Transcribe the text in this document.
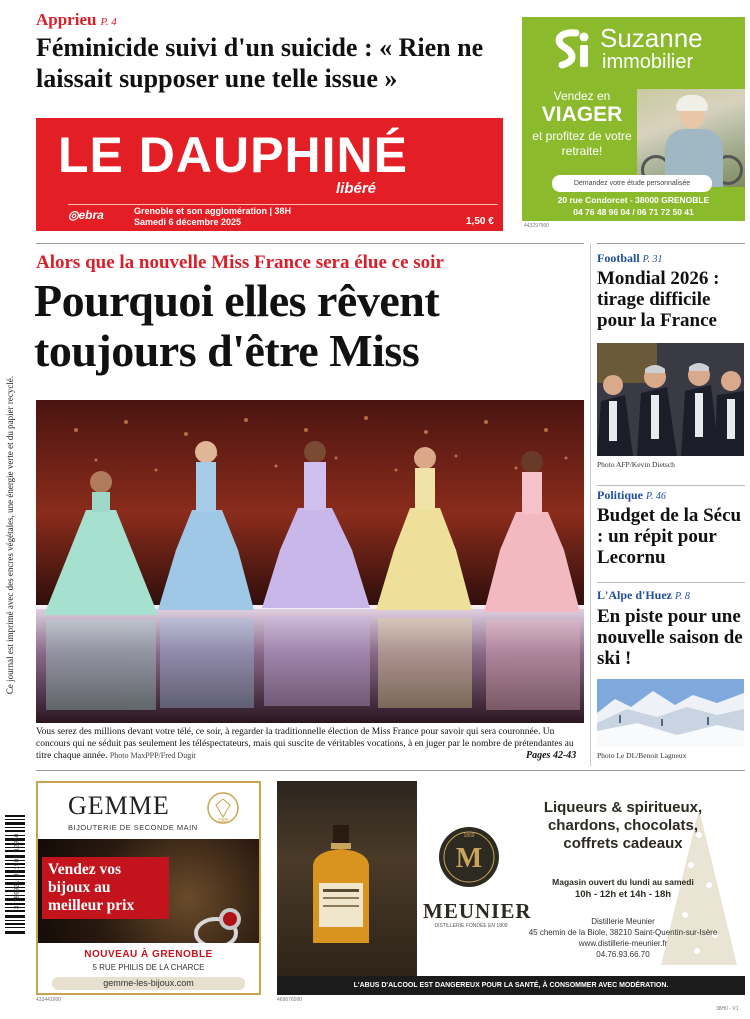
Apprieu P. 4
Féminicide suivi d'un suicide : « Rien ne laissait supposer une telle issue »
LE DAUPHINÉ
libéré
◎ebra	Grenoble et son agglomération | 38H
Samedi 6 décembre 2025	1,50 €
Suzanne
immobilier
Vendez en
VIAGER
et profitez de votre retraite!
Demandez votre étude personnalisée
20 rue Condorcet - 38000 GRENOBLE
04 76 48 96 04 / 06 71 72 50 41
443297900
Alors que la nouvelle Miss France sera élue ce soir
Pourquoi elles rêvent toujours d'être Miss
Vous serez des millions devant votre télé, ce soir, à regarder la traditionnelle élection de Miss France pour savoir qui sera couronnée. Un concours qui ne séduit pas seulement les téléspectateurs, mais qui suscite de véritables vocations, à en juger par le nombre de prétendantes au titre chaque année. Photo MaxPPP/Fred Dugit	Pages 42-43
Football P. 31
Mondial 2026 : tirage difficile pour la France
Photo AFP/Kevin Dietsch
Politique P. 46
Budget de la Sécu : un répit pour Lecornu
L'Alpe d'Huez P. 8
En piste pour une nouvelle saison de ski !
Photo Le DL/Benoit Lagneux
Ce journal est imprimé avec des encres végétales, une énergie verte et du papier recyclé.
3 780021 801502 12060
GEMME
BIJOUTERIE DE SECONDE MAIN
1985
Vendez vos bijoux au meilleur prix
NOUVEAU À GRENOBLE
5 RUE PHILIS DE LA CHARCE
gemme-les-bijoux.com
433441900
M
1809
MEUNIER
DISTILLERIE FONDÉE EN 1809
Liqueurs & spiritueux, chardons, chocolats, coffrets cadeaux
Magasin ouvert du lundi au samedi
10h - 12h et 14h - 18h
Distillerie Meunier
45 chemin de la Biole, 38210 Saint-Quentin-sur-Isère
www.distillerie-meunier.fr
04.76.93.66.70
L'ABUS D'ALCOOL EST DANGEREUX POUR LA SANTÉ, À CONSOMMER AVEC MODÉRATION.
469676000
38H0 - V1
